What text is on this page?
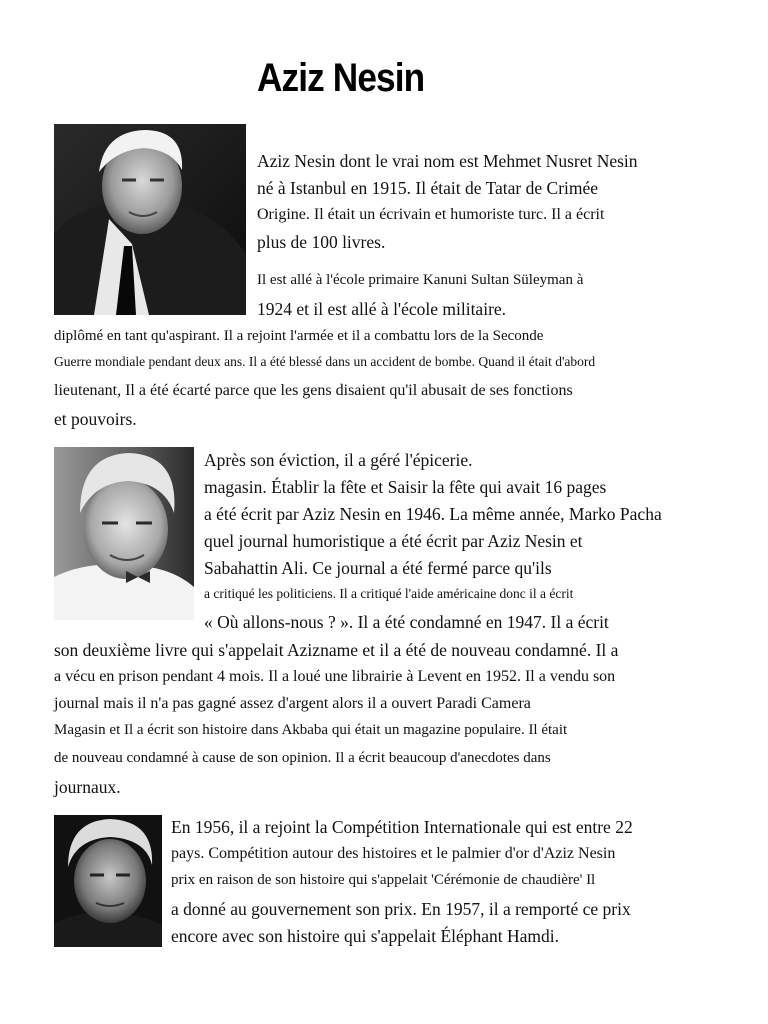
Aziz Nesin
Aziz Nesin dont le vrai nom est Mehmet Nusret Nesin
né à Istanbul en 1915. Il était de Tatar de Crimée
Origine. Il était un écrivain et humoriste turc. Il a écrit
plus de 100 livres.
Il est allé à l'école primaire Kanuni Sultan Süleyman à
1924 et il est allé à l'école militaire.
diplômé en tant qu'aspirant. Il a rejoint l'armée et il a combattu lors de la Seconde
Guerre mondiale pendant deux ans. Il a été blessé dans un accident de bombe. Quand il était d'abord
lieutenant, Il a été écarté parce que les gens disaient qu'il abusait de ses fonctions
et pouvoirs.
Après son éviction, il a géré l'épicerie.
magasin. Établir la fête et Saisir la fête qui avait 16 pages
a été écrit par Aziz Nesin en 1946. La même année, Marko Pacha
quel journal humoristique a été écrit par Aziz Nesin et
Sabahattin Ali. Ce journal a été fermé parce qu'ils
a critiqué les politiciens. Il a critiqué l'aide américaine donc il a écrit
« Où allons-nous ? ». Il a été condamné en 1947. Il a écrit
son deuxième livre qui s'appelait Azizname et il a été de nouveau condamné. Il a
a vécu en prison pendant 4 mois. Il a loué une librairie à Levent en 1952. Il a vendu son
journal mais il n'a pas gagné assez d'argent alors il a ouvert Paradi Camera
Magasin et Il a écrit son histoire dans Akbaba qui était un magazine populaire. Il était
de nouveau condamné à cause de son opinion. Il a écrit beaucoup d'anecdotes dans
journaux.
En 1956, il a rejoint la Compétition Internationale qui est entre 22
pays. Compétition autour des histoires et le palmier d'or d'Aziz Nesin
prix en raison de son histoire qui s'appelait 'Cérémonie de chaudière' Il
a donné au gouvernement son prix. En 1957, il a remporté ce prix
encore avec son histoire qui s'appelait Éléphant Hamdi.
